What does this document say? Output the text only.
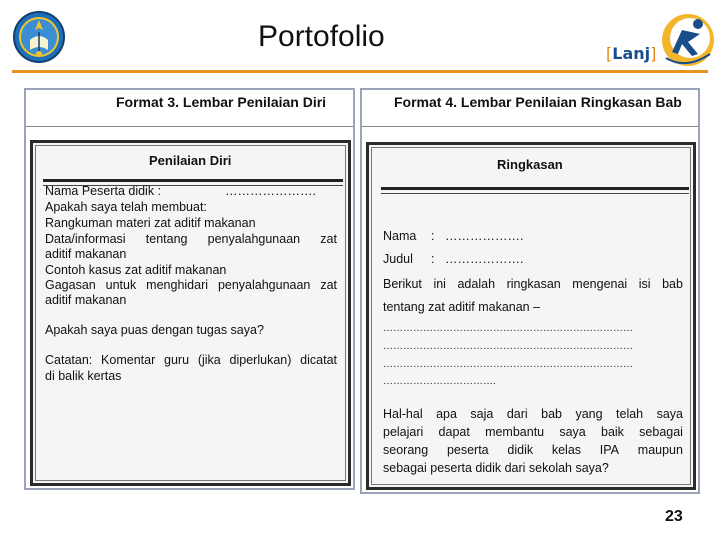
Portofolio
[Lanj]
Format 3. Lembar Penilaian Diri
Penilaian Diri
Nama Peserta didik :	………………….
Apakah saya telah membuat:
Rangkuman materi zat aditif makanan
Data/informasi tentang penyalahgunaan zat
aditif makanan
Contoh kasus zat aditif makanan
Gagasan untuk menghidari penyalahgunaan zat
aditif makanan
Apakah saya puas dengan tugas saya?
Catatan: Komentar guru (jika diperlukan) dicatat
di balik kertas
Format 4. Lembar Penilaian Ringkasan Bab
Ringkasan
Nama : ……………….
Judul : ……………….
Berikut ini adalah ringkasan mengenai isi bab
tentang zat aditif makanan –
…………………………………………………………………
…………………………………………………………………
…………………………………………………………………
…………………………….
Hal-hal apa saja dari bab yang telah saya
pelajari dapat membantu saya baik sebagai
seorang peserta didik kelas IPA maupun
sebagai peserta didik dari sekolah saya?
23
